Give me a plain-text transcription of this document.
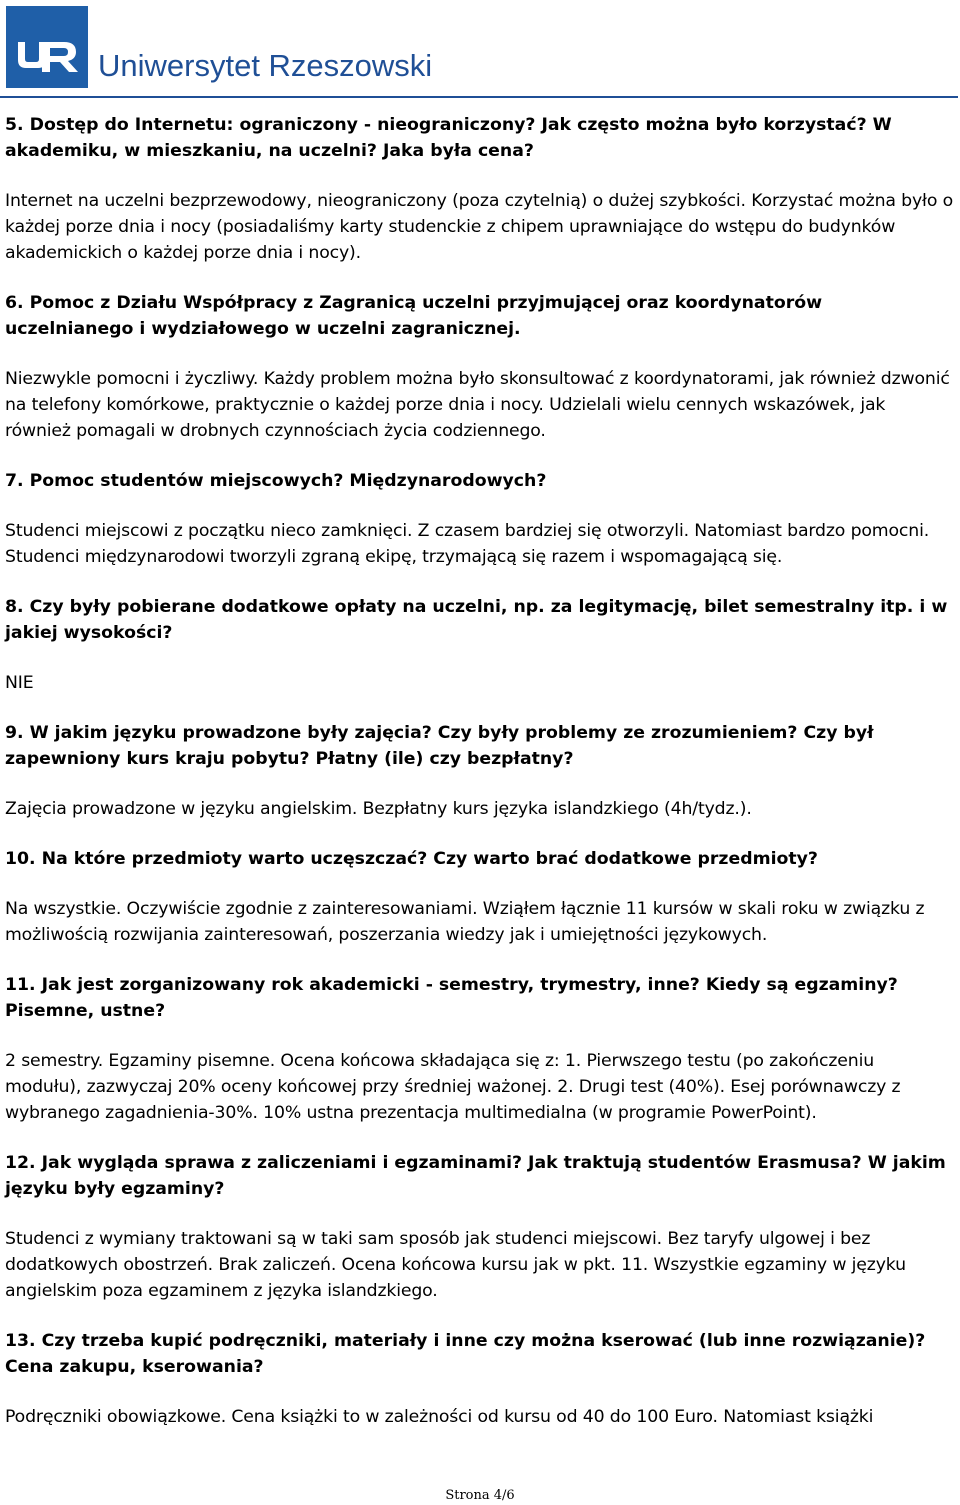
Uniwersytet Rzeszowski

5. Dostęp do Internetu: ograniczony - nieograniczony? Jak często można było korzystać? W akademiku, w mieszkaniu, na uczelni? Jaka była cena?

Internet na uczelni bezprzewodowy, nieograniczony (poza czytelnią) o dużej szybkości. Korzystać można było o każdej porze dnia i nocy (posiadaliśmy karty studenckie z chipem uprawniające do wstępu do budynków akademickich o każdej porze dnia i nocy).

6. Pomoc z Działu Współpracy z Zagranicą uczelni przyjmującej oraz koordynatorów uczelnianego i wydziałowego w uczelni zagranicznej.

Niezwykle pomocni i życzliwy. Każdy problem można było skonsultować z koordynatorami, jak również dzwonić na telefony komórkowe, praktycznie o każdej porze dnia i nocy. Udzielali wielu cennych wskazówek, jak również pomagali w drobnych czynnościach życia codziennego.

7. Pomoc studentów miejscowych? Międzynarodowych?

Studenci miejscowi z początku nieco zamknięci. Z czasem bardziej się otworzyli. Natomiast bardzo pomocni. Studenci międzynarodowi tworzyli zgraną ekipę, trzymającą się razem i wspomagającą się.

8. Czy były pobierane dodatkowe opłaty na uczelni, np. za legitymację, bilet semestralny itp. i w jakiej wysokości?

NIE

9. W jakim języku prowadzone były zajęcia? Czy były problemy ze zrozumieniem? Czy był zapewniony kurs kraju pobytu? Płatny (ile) czy bezpłatny?

Zajęcia prowadzone w języku angielskim. Bezpłatny kurs języka islandzkiego (4h/tydz.).

10. Na które przedmioty warto uczęszczać? Czy warto brać dodatkowe przedmioty?

Na wszystkie. Oczywiście zgodnie z zainteresowaniami. Wziąłem łącznie 11 kursów w skali roku w związku z możliwością rozwijania zainteresowań, poszerzania wiedzy jak i umiejętności językowych.

11. Jak jest zorganizowany rok akademicki - semestry, trymestry, inne? Kiedy są egzaminy? Pisemne, ustne?

2 semestry. Egzaminy pisemne. Ocena końcowa składająca się z: 1. Pierwszego testu (po zakończeniu modułu), zazwyczaj 20% oceny końcowej przy średniej ważonej. 2. Drugi test (40%). Esej porównawczy z wybranego zagadnienia-30%. 10% ustna prezentacja multimedialna (w programie PowerPoint).

12. Jak wygląda sprawa z zaliczeniami i egzaminami? Jak traktują studentów Erasmusa? W jakim języku były egzaminy?

Studenci z wymiany traktowani są w taki sam sposób jak studenci miejscowi. Bez taryfy ulgowej i bez dodatkowych obostrzeń. Brak zaliczeń. Ocena końcowa kursu jak w pkt. 11. Wszystkie egzaminy w języku angielskim poza egzaminem z języka islandzkiego.

13. Czy trzeba kupić podręczniki, materiały i inne czy można kserować (lub inne rozwiązanie)? Cena zakupu, kserowania?

Podręczniki obowiązkowe. Cena książki to w zależności od kursu od 40 do 100 Euro. Natomiast książki

Strona 4/6
